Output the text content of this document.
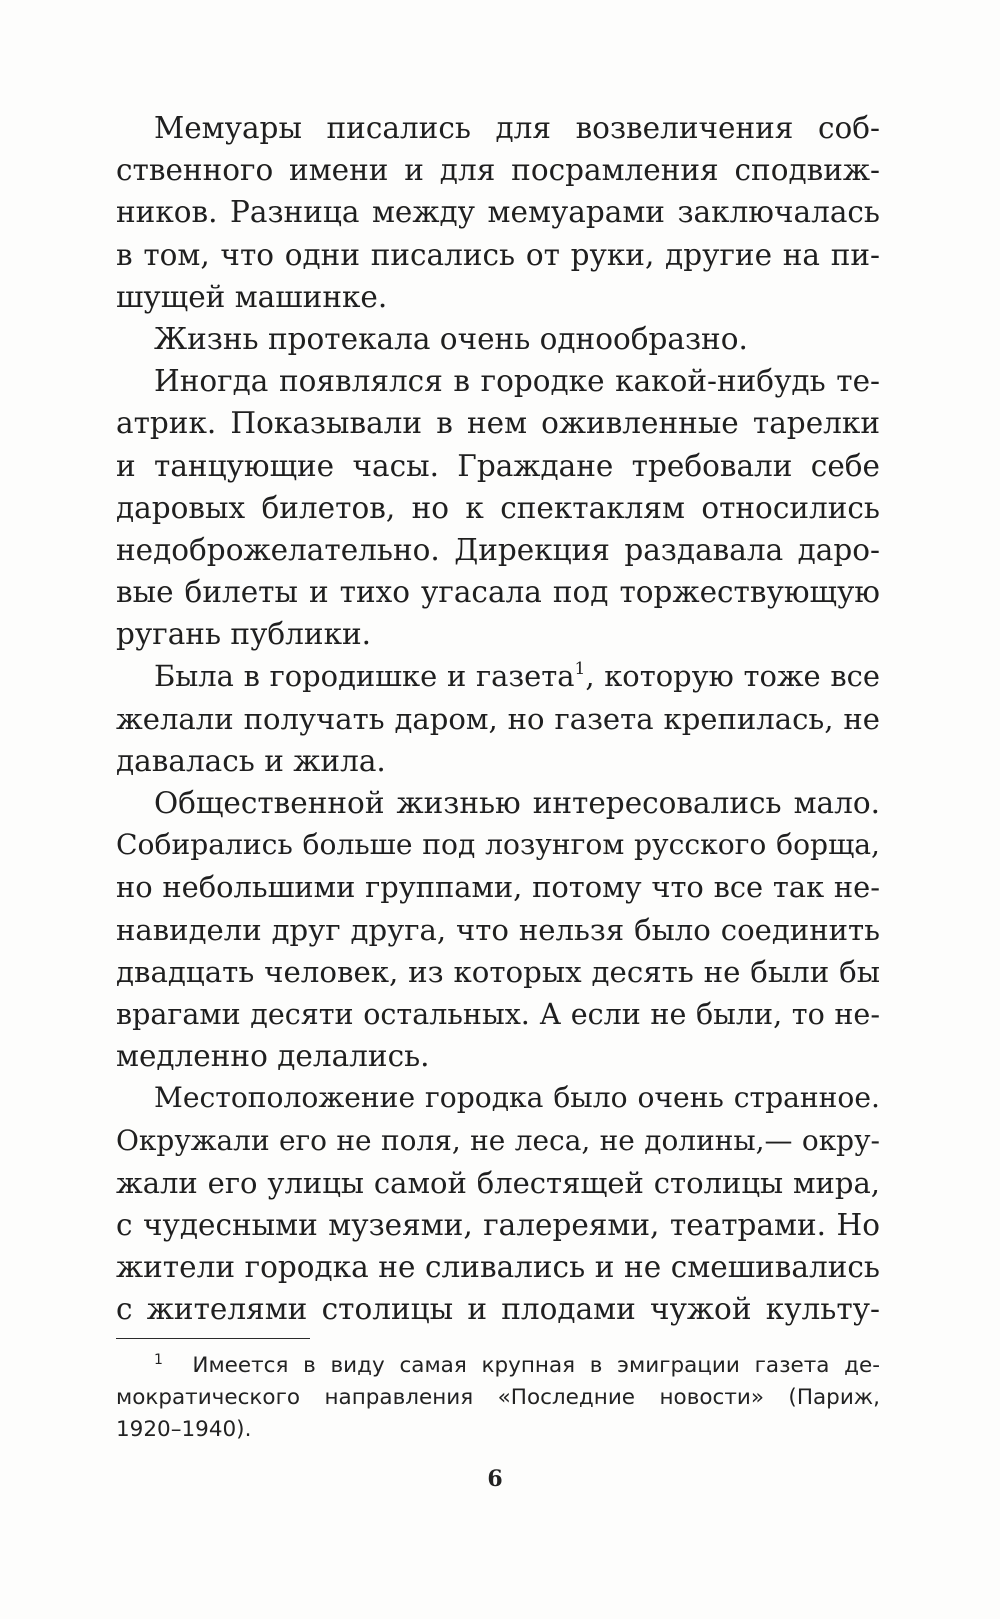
Мемуары писались для возвеличения соб-
ственного имени и для посрамления сподвиж-
ников. Разница между мемуарами заключалась
в том, что одни писались от руки, другие на пи-
шущей машинке.
Жизнь протекала очень однообразно.
Иногда появлялся в городке какой-нибудь те-
атрик. Показывали в нем оживленные тарелки
и танцующие часы. Граждане требовали себе
даровых билетов, но к спектаклям относились
недоброжелательно. Дирекция раздавала даро-
вые билеты и тихо угасала под торжествующую
ругань публики.
Была в городишке и газета$^1$, которую тоже все
желали получать даром, но газета крепилась, не
давалась и жила.
Общественной жизнью интересовались мало.
Собирались больше под лозунгом русского борща,
но небольшими группами, потому что все так не-
навидели друг друга, что нельзя было соединить
двадцать человек, из которых десять не были бы
врагами десяти остальных. А если не были, то не-
медленно делались.
Местоположение городка было очень странное.
Окружали его не поля, не леса, не долины,— окру-
жали его улицы самой блестящей столицы мира,
с чудесными музеями, галереями, театрами. Но
жители городка не сливались и не смешивались
с жителями столицы и плодами чужой культу-
$^1$ Имеется в виду самая крупная в эмиграции газета де-
мократического направления «Последние новости» (Париж,
1920–1940).
6
